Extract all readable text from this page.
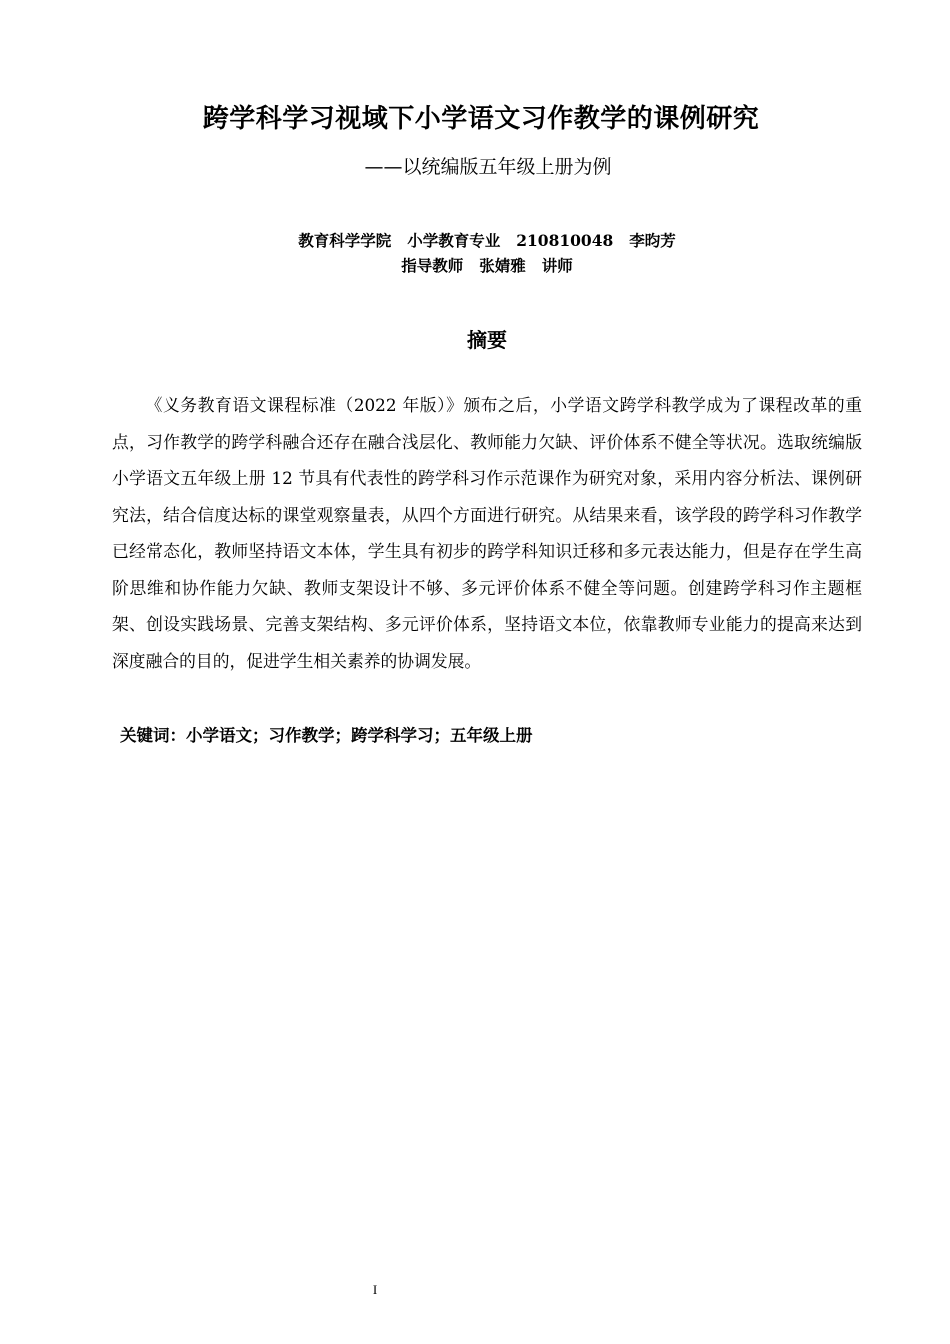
跨学科学习视域下小学语文习作教学的课例研究
——以统编版五年级上册为例
教育科学学院 小学教育专业 210810048 李昀芳
指导教师 张婧雅 讲师
摘要

《义务教育语文课程标准（2022 年版）》颁布之后，小学语文跨学科教学成为了课程改革的重点，习作教学的跨学科融合还存在融合浅层化、教师能力欠缺、评价体系不健全等状况。选取统编版小学语文五年级上册 12 节具有代表性的跨学科习作示范课作为研究对象，采用内容分析法、课例研究法，结合信度达标的课堂观察量表，从四个方面进行研究。从结果来看，该学段的跨学科习作教学已经常态化，教师坚持语文本体，学生具有初步的跨学科知识迁移和多元表达能力，但是存在学生高阶思维和协作能力欠缺、教师支架设计不够、多元评价体系不健全等问题。创建跨学科习作主题框架、创设实践场景、完善支架结构、多元评价体系，坚持语文本位，依靠教师专业能力的提高来达到深度融合的目的，促进学生相关素养的协调发展。

关键词：小学语文；习作教学；跨学科学习；五年级上册
I
